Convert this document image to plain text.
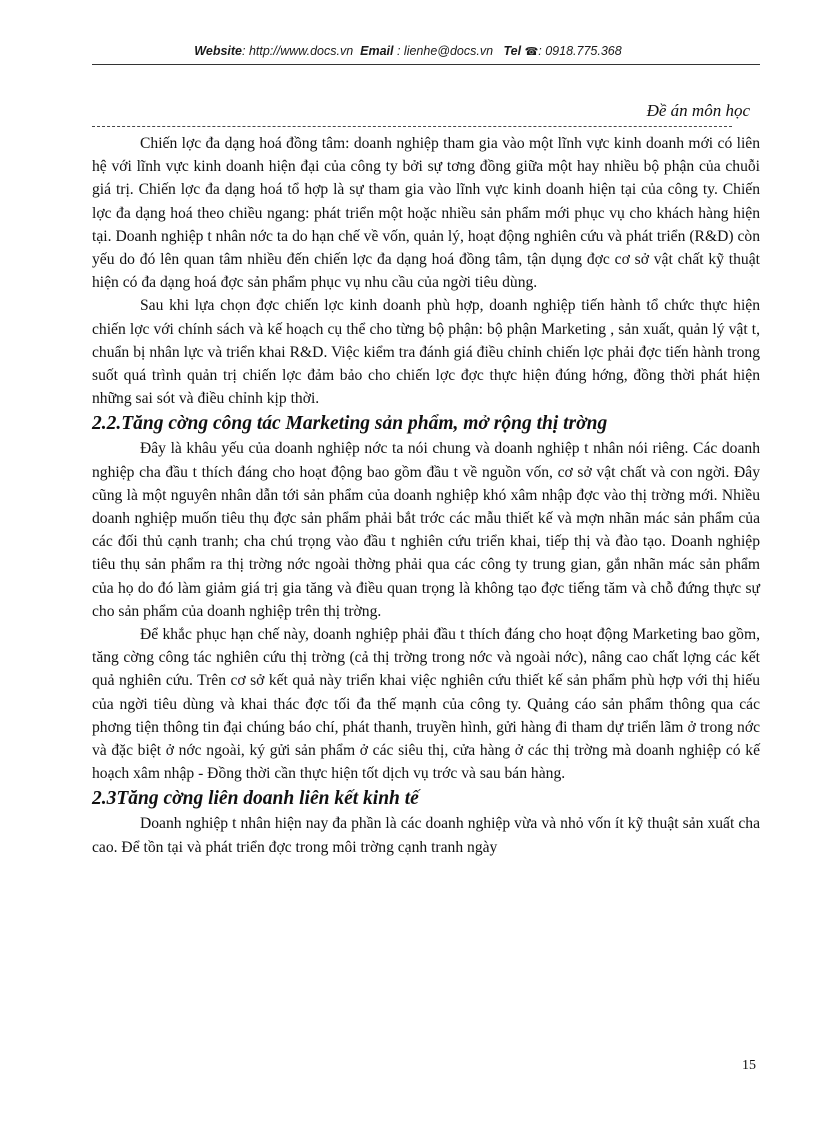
Website: http://www.docs.vn Email : lienhe@docs.vn Tel ☎: 0918.775.368
Đề án môn học

Chiến lợc đa dạng hoá đồng tâm: doanh nghiệp tham gia vào một lĩnh vực kinh doanh mới có liên hệ với lĩnh vực kinh doanh hiện đại của công ty bởi sự tơng đồng giữa một hay nhiều bộ phận của chuỗi giá trị. Chiến lợc đa dạng hoá tổ hợp là sự tham gia vào lĩnh vực kinh doanh hiện tại của công ty. Chiến lợc đa dạng hoá theo chiều ngang: phát triển một hoặc nhiều sản phẩm mới phục vụ cho khách hàng hiện tại. Doanh nghiệp t nhân nớc ta do hạn chế về vốn, quản lý, hoạt động nghiên cứu và phát triển (R&D) còn yếu do đó lên quan tâm nhiều đến chiến lợc đa dạng hoá đồng tâm, tận dụng đợc cơ sở vật chất kỹ thuật hiện có đa dạng hoá đợc sản phẩm phục vụ nhu cầu của ngời tiêu dùng.

Sau khi lựa chọn đợc chiến lợc kinh doanh phù hợp, doanh nghiệp tiến hành tổ chức thực hiện chiến lợc với chính sách và kế hoạch cụ thể cho từng bộ phận: bộ phận Marketing , sản xuất, quản lý vật t, chuẩn bị nhân lực và triển khai R&D. Việc kiểm tra đánh giá điều chỉnh chiến lợc phải đợc tiến hành trong suốt quá trình quản trị chiến lợc đảm bảo cho chiến lợc đợc thực hiện đúng hớng, đồng thời phát hiện những sai sót và điều chỉnh kịp thời.

2.2.Tăng cờng công tác Marketing sản phẩm, mở rộng thị trờng

Đây là khâu yếu của doanh nghiệp nớc ta nói chung và doanh nghiệp t nhân nói riêng. Các doanh nghiệp cha đầu t thích đáng cho hoạt động bao gồm đầu t về nguồn vốn, cơ sở vật chất và con ngời. Đây cũng là một nguyên nhân dẫn tới sản phẩm của doanh nghiệp khó xâm nhập đợc vào thị trờng mới. Nhiều doanh nghiệp muốn tiêu thụ đợc sản phẩm phải bắt trớc các mẫu thiết kế và mợn nhãn mác sản phẩm của các đối thủ cạnh tranh; cha chú trọng vào đầu t nghiên cứu triển khai, tiếp thị và đào tạo. Doanh nghiệp tiêu thụ sản phẩm ra thị trờng nớc ngoài thờng phải qua các công ty trung gian, gắn nhãn mác sản phẩm của họ do đó làm giảm giá trị gia tăng và điều quan trọng là không tạo đợc tiếng tăm và chỗ đứng thực sự cho sản phẩm của doanh nghiệp trên thị trờng.

Để khắc phục hạn chế này, doanh nghiệp phải đầu t thích đáng cho hoạt động Marketing bao gồm, tăng cờng công tác nghiên cứu thị trờng (cả thị trờng trong nớc và ngoài nớc), nâng cao chất lợng các kết quả nghiên cứu. Trên cơ sở kết quả này triển khai việc nghiên cứu thiết kế sản phẩm phù hợp với thị hiếu của ngời tiêu dùng và khai thác đợc tối đa thế mạnh của công ty. Quảng cáo sản phẩm thông qua các phơng tiện thông tin đại chúng báo chí, phát thanh, truyền hình, gửi hàng đi tham dự triển lãm ở trong nớc và đặc biệt ở nớc ngoài, ký gửi sản phẩm ở các siêu thị, cửa hàng ở các thị trờng mà doanh nghiệp có kế hoạch xâm nhập - Đồng thời cần thực hiện tốt dịch vụ trớc và sau bán hàng.

2.3Tăng cờng liên doanh liên kết kinh tế

Doanh nghiệp t nhân hiện nay đa phần là các doanh nghiệp vừa và nhỏ vốn ít kỹ thuật sản xuất cha cao. Để tồn tại và phát triển đợc trong môi trờng cạnh tranh ngày

15
